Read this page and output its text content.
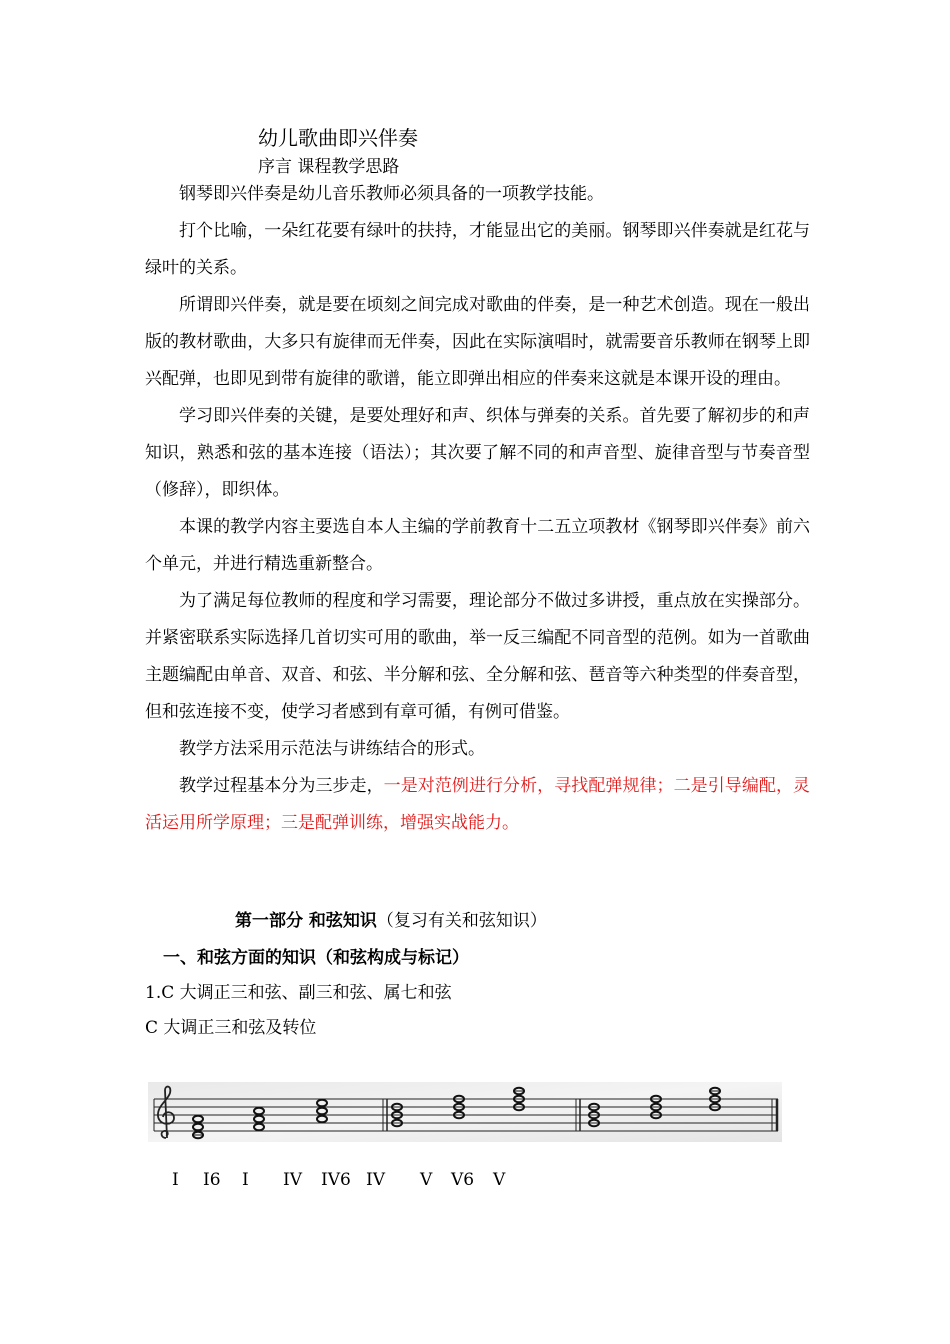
幼儿歌曲即兴伴奏
序言 课程教学思路

钢琴即兴伴奏是幼儿音乐教师必须具备的一项教学技能。

打个比喻，一朵红花要有绿叶的扶持，才能显出它的美丽。钢琴即兴伴奏就是红花与绿叶的关系。

所谓即兴伴奏，就是要在顷刻之间完成对歌曲的伴奏，是一种艺术创造。现在一般出版的教材歌曲，大多只有旋律而无伴奏，因此在实际演唱时，就需要音乐教师在钢琴上即兴配弹，也即见到带有旋律的歌谱，能立即弹出相应的伴奏来这就是本课开设的理由。

学习即兴伴奏的关键，是要处理好和声、织体与弹奏的关系。首先要了解初步的和声知识，熟悉和弦的基本连接（语法）；其次要了解不同的和声音型、旋律音型与节奏音型（修辞），即织体。

本课的教学内容主要选自本人主编的学前教育十二五立项教材《钢琴即兴伴奏》前六个单元，并进行精选重新整合。

为了满足每位教师的程度和学习需要，理论部分不做过多讲授，重点放在实操部分。并紧密联系实际选择几首切实可用的歌曲，举一反三编配不同音型的范例。如为一首歌曲主题编配由单音、双音、和弦、半分解和弦、全分解和弦、琶音等六种类型的伴奏音型，但和弦连接不变，使学习者感到有章可循，有例可借鉴。

教学方法采用示范法与讲练结合的形式。

教学过程基本分为三步走，一是对范例进行分析，寻找配弹规律；二是引导编配，灵活运用所学原理；三是配弹训练，增强实战能力。

第一部分 和弦知识（复习有关和弦知识）
一、和弦方面的知识（和弦构成与标记）
1.C 大调正三和弦、副三和弦、属七和弦
C 大调正三和弦及转位
I I6 I IV IV6 IV V V6 V
